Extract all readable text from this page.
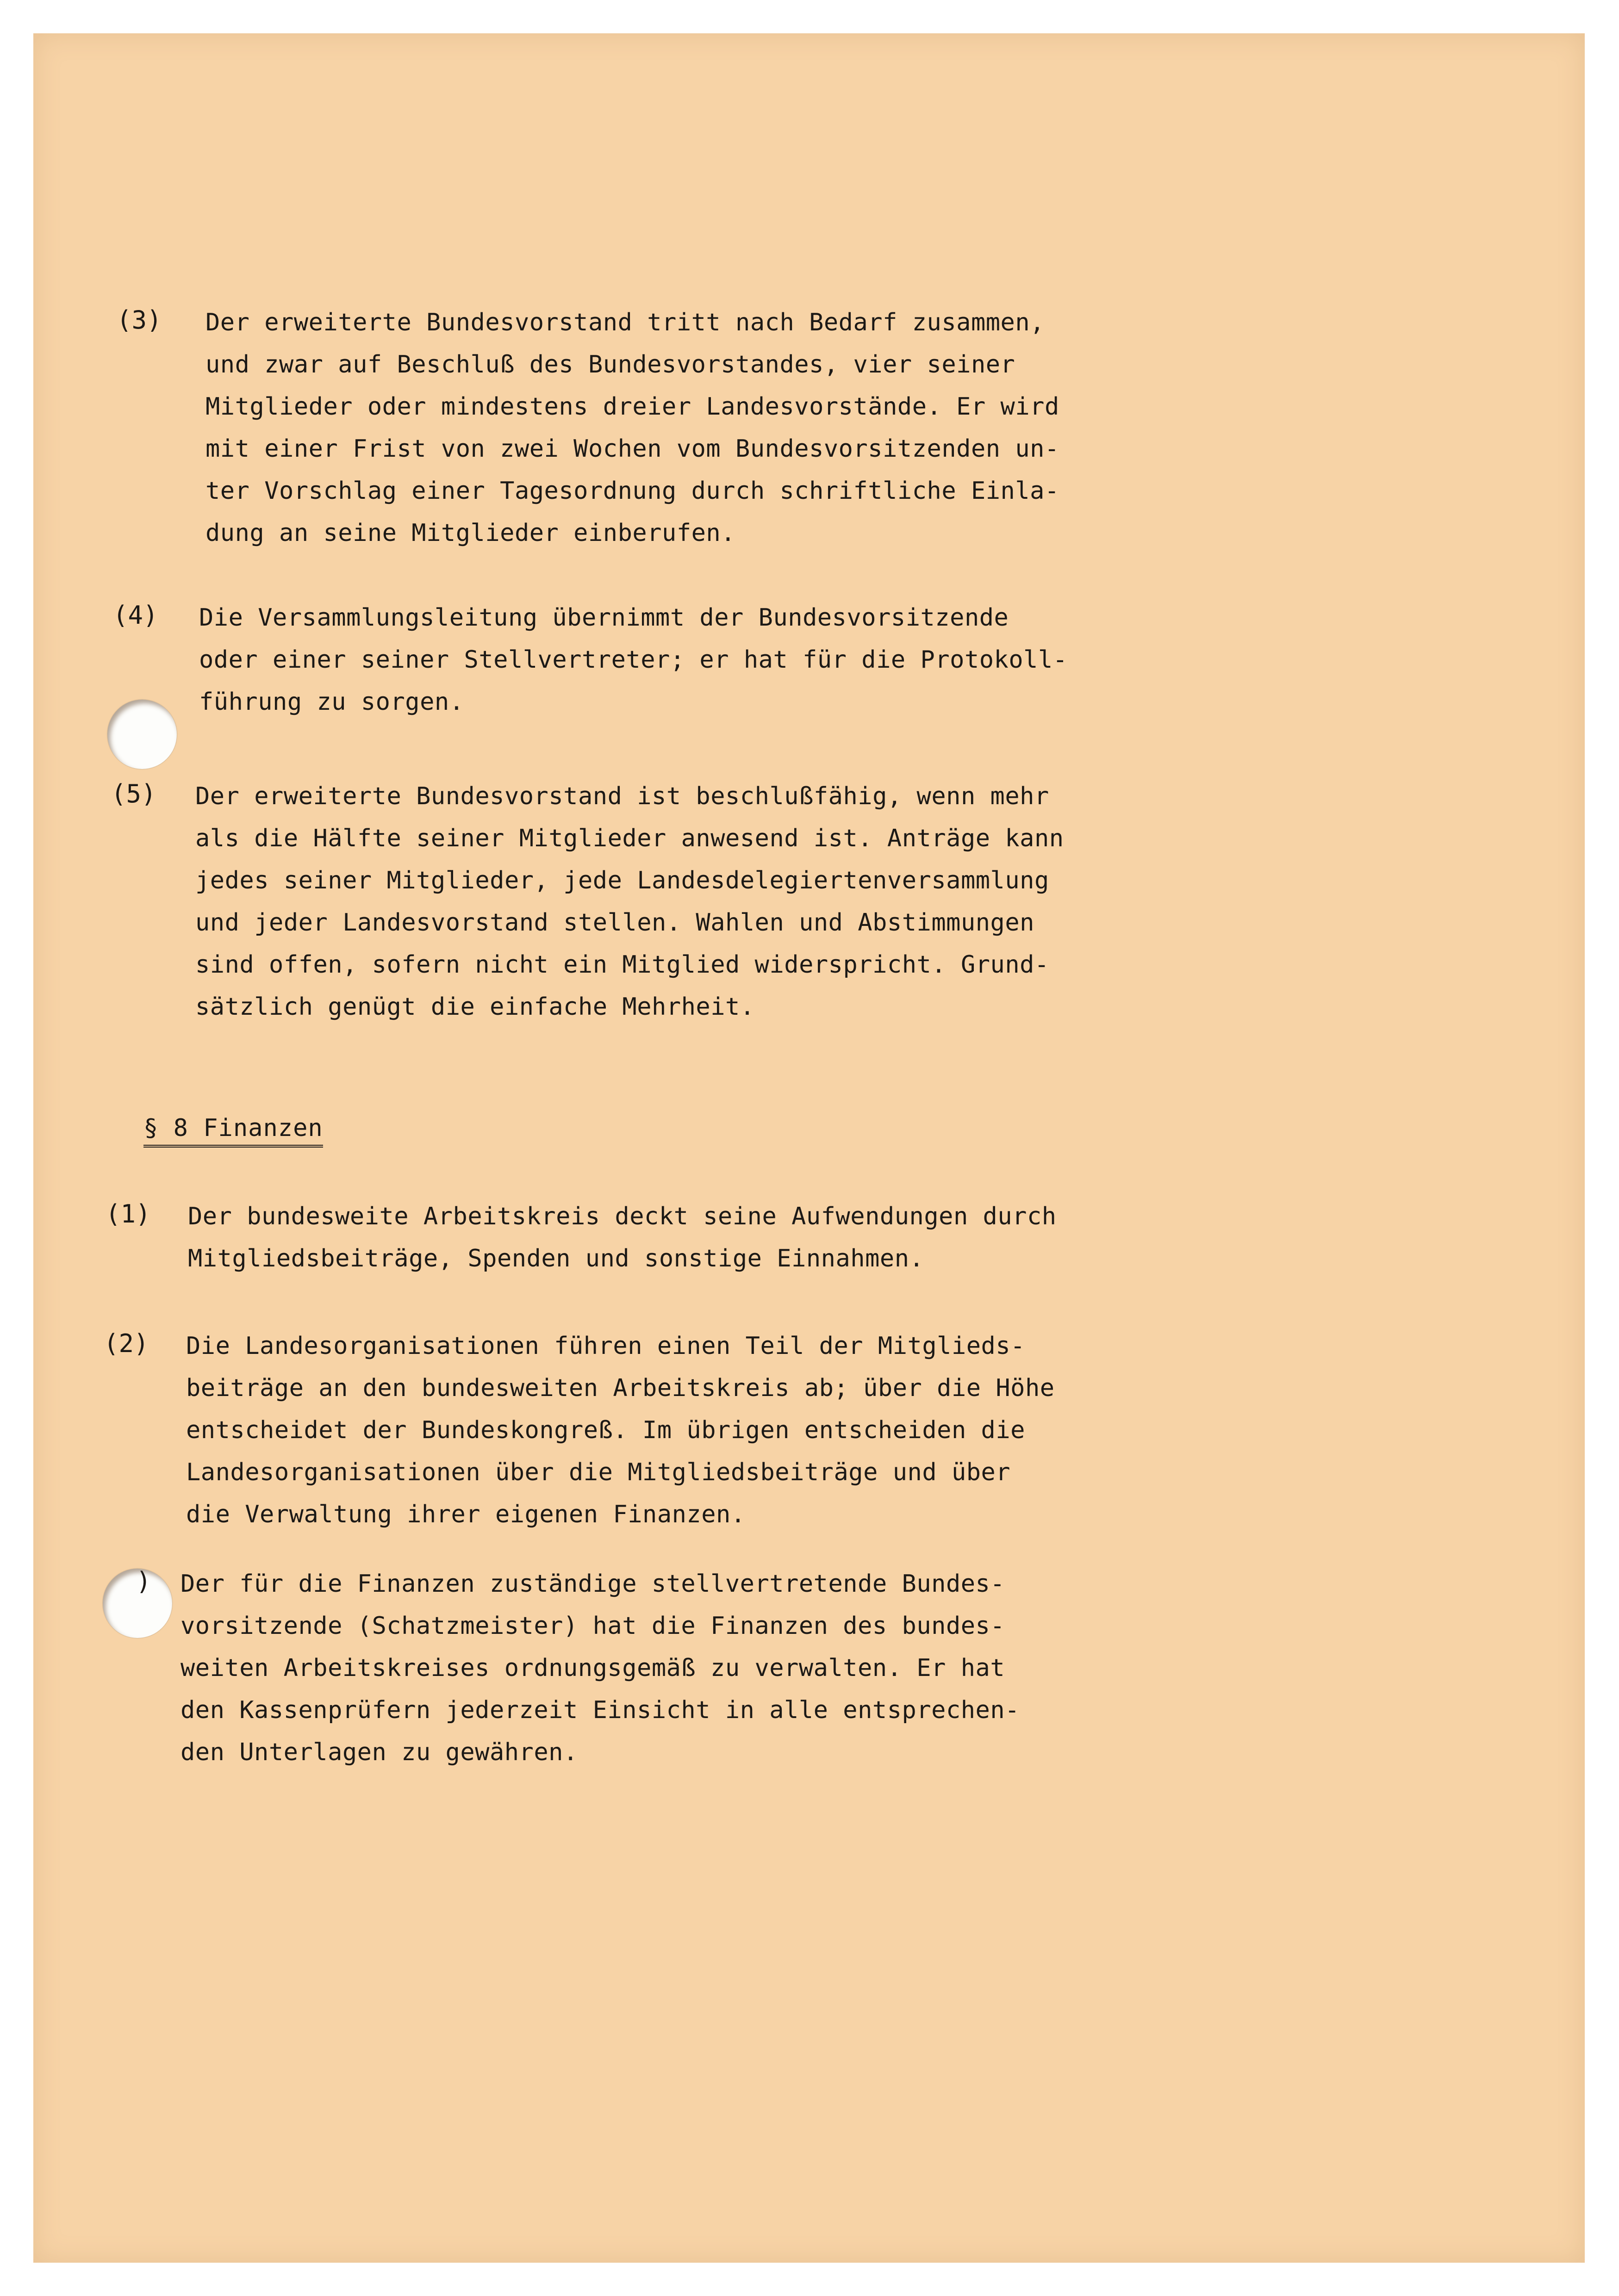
(3) Der erweiterte Bundesvorstand tritt nach Bedarf zusammen,
und zwar auf Beschluß des Bundesvorstandes, vier seiner
Mitglieder oder mindestens dreier Landesvorstände. Er wird
mit einer Frist von zwei Wochen vom Bundesvorsitzenden un-
ter Vorschlag einer Tagesordnung durch schriftliche Einla-
dung an seine Mitglieder einberufen.
(4) Die Versammlungsleitung übernimmt der Bundesvorsitzende
oder einer seiner Stellvertreter; er hat für die Protokoll-
führung zu sorgen.
(5) Der erweiterte Bundesvorstand ist beschlußfähig, wenn mehr
als die Hälfte seiner Mitglieder anwesend ist. Anträge kann
jedes seiner Mitglieder, jede Landesdelegiertenversammlung
und jeder Landesvorstand stellen. Wahlen und Abstimmungen
sind offen, sofern nicht ein Mitglied widerspricht. Grund-
sätzlich genügt die einfache Mehrheit.
§ 8 Finanzen
(1) Der bundesweite Arbeitskreis deckt seine Aufwendungen durch
Mitgliedsbeiträge, Spenden und sonstige Einnahmen.
(2) Die Landesorganisationen führen einen Teil der Mitglieds-
beiträge an den bundesweiten Arbeitskreis ab; über die Höhe
entscheidet der Bundeskongreß. Im übrigen entscheiden die
Landesorganisationen über die Mitgliedsbeiträge und über
die Verwaltung ihrer eigenen Finanzen.
) Der für die Finanzen zuständige stellvertretende Bundes-
vorsitzende (Schatzmeister) hat die Finanzen des bundes-
weiten Arbeitskreises ordnungsgemäß zu verwalten. Er hat
den Kassenprüfern jederzeit Einsicht in alle entsprechen-
den Unterlagen zu gewähren.
